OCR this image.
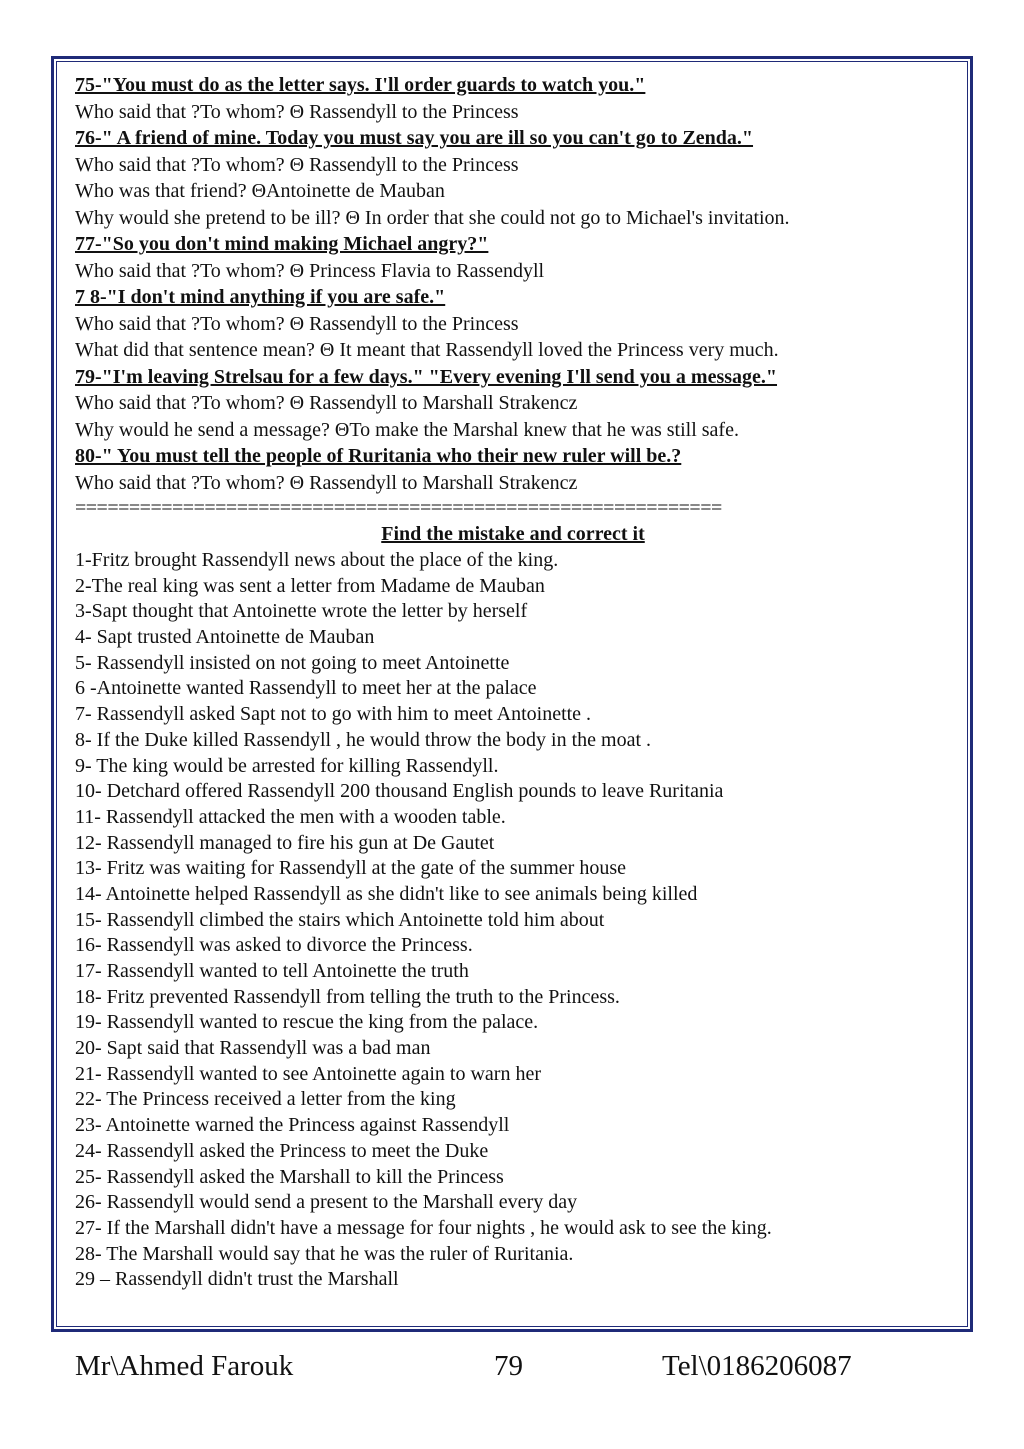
75-"You must do as the letter says. I'll order guards to watch you."
Who said that ?To whom? Θ Rassendyll to the Princess
76-" A friend of mine. Today you must say you are ill so you can't go to Zenda."
Who said that ?To whom? Θ Rassendyll to the Princess
Who was that friend? ΘAntoinette de Mauban
Why would she pretend to be ill? Θ In order that she could not go to Michael's invitation.
77-"So you don't mind making Michael angry?"
Who said that ?To whom? Θ Princess Flavia to Rassendyll
7 8-"I don't mind anything if you are safe."
Who said that ?To whom? Θ Rassendyll to the Princess
What did that sentence mean? Θ It meant that Rassendyll loved the Princess very much.
79-"I'm leaving Strelsau for a few days." "Every evening I'll send you a message."
Who said that ?To whom? Θ Rassendyll to Marshall Strakencz
Why would he send a message? ΘTo make the Marshal knew that he was still safe.
80-" You must tell the people of Ruritania who their new ruler will be.?
Who said that ?To whom? Θ Rassendyll to Marshall Strakencz
============================================================
Find the mistake and correct it
1-Fritz brought Rassendyll news about the place of the king.
2-The real king was sent a letter from Madame de Mauban
3-Sapt thought that Antoinette wrote the letter by herself
4- Sapt trusted Antoinette de Mauban
5- Rassendyll insisted on not going to meet Antoinette
6 -Antoinette wanted Rassendyll to meet her at the palace
7- Rassendyll asked Sapt not to go with him to meet Antoinette .
8- If the Duke killed Rassendyll , he would throw the body in the moat .
9- The king would be arrested for killing Rassendyll.
10- Detchard offered Rassendyll 200 thousand English pounds to leave Ruritania
11- Rassendyll attacked the men with a wooden table.
12- Rassendyll managed to fire his gun at De Gautet
13- Fritz was waiting for Rassendyll at the gate of the summer house
14- Antoinette helped Rassendyll as she didn't like to see animals being killed
15- Rassendyll climbed the stairs which Antoinette told him about
16- Rassendyll was asked to divorce the Princess.
17- Rassendyll wanted to tell Antoinette the truth
18- Fritz prevented Rassendyll from telling the truth to the Princess.
19- Rassendyll wanted to rescue the king from the palace.
20- Sapt said that Rassendyll was a bad man
21- Rassendyll wanted to see Antoinette again to warn her
22- The Princess received a letter from the king
23- Antoinette warned the Princess against Rassendyll
24- Rassendyll asked the Princess to meet the Duke
25- Rassendyll asked the Marshall to kill the Princess
26- Rassendyll would send a present to the Marshall every day
27- If the Marshall didn't have a message for four nights , he would ask to see the king.
28- The Marshall would say that he was the ruler of Ruritania.
29 – Rassendyll didn't trust the Marshall
Mr\Ahmed Farouk	79	Tel\0186206087
